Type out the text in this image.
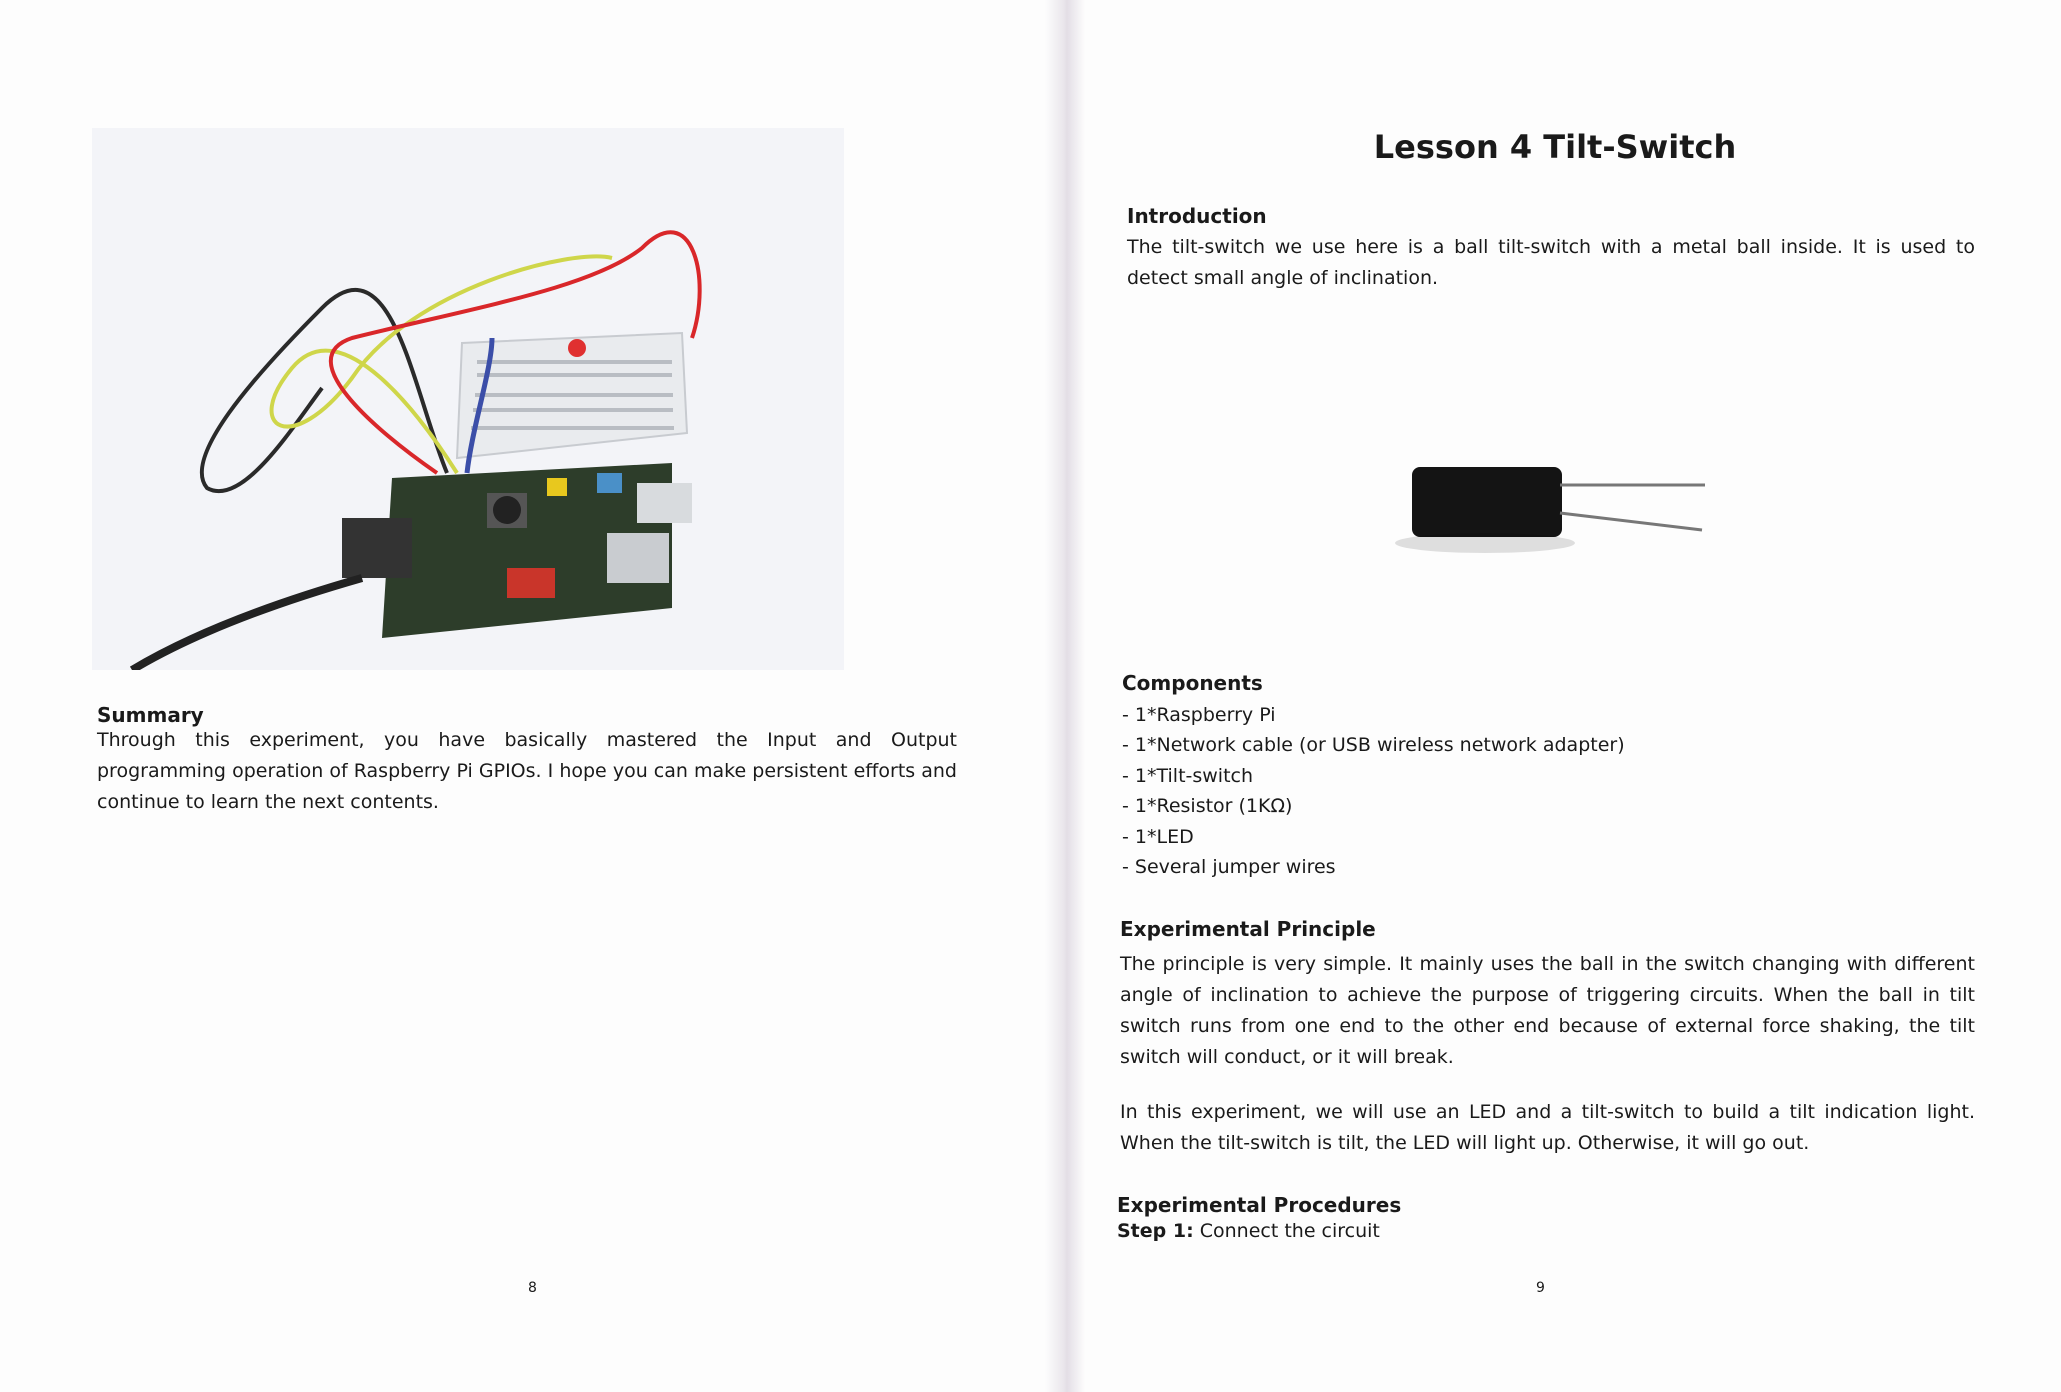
Summary
Through this experiment, you have basically mastered the Input and Output programming operation of Raspberry Pi GPIOs. I hope you can make persistent efforts and continue to learn the next contents.
8
Lesson 4 Tilt-Switch
Introduction
The tilt-switch we use here is a ball tilt-switch with a metal ball inside. It is used to detect small angle of inclination.
Components
- 1*Raspberry Pi
- 1*Network cable (or USB wireless network adapter)
- 1*Tilt-switch
- 1*Resistor (1KΩ)
- 1*LED
- Several jumper wires
Experimental Principle
The principle is very simple. It mainly uses the ball in the switch changing with different angle of inclination to achieve the purpose of triggering circuits. When the ball in tilt switch runs from one end to the other end because of external force shaking, the tilt switch will conduct, or it will break.
In this experiment, we will use an LED and a tilt-switch to build a tilt indication light. When the tilt-switch is tilt, the LED will light up. Otherwise, it will go out.
Experimental Procedures
Step 1: Connect the circuit
9
